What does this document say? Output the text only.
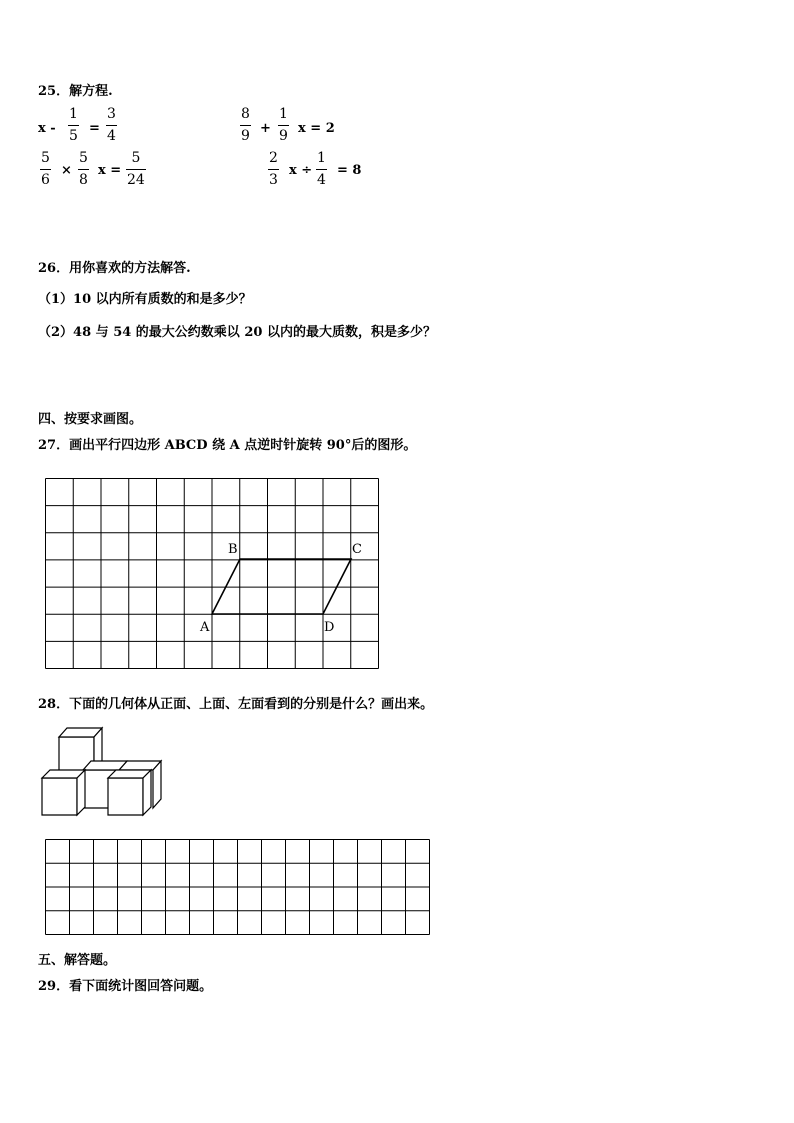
25．解方程.
x -
1
5 =
3
4
8
9 +
1
9 x = 2
5
6
×
5
8
x =
5
24
2
3
x ÷
1
4
= 8
26．用你喜欢的方法解答.
（1）10 以内所有质数的和是多少？
（2）48 与 54 的最大公约数乘以 20 以内的最大质数，积是多少？
四、按要求画图。
27．画出平行四边形 ABCD 绕 A 点逆时针旋转 90°后的图形。
B	C
A	D
28．下面的几何体从正面、上面、左面看到的分别是什么？画出来。
五、解答题。
29．看下面统计图回答问题。
